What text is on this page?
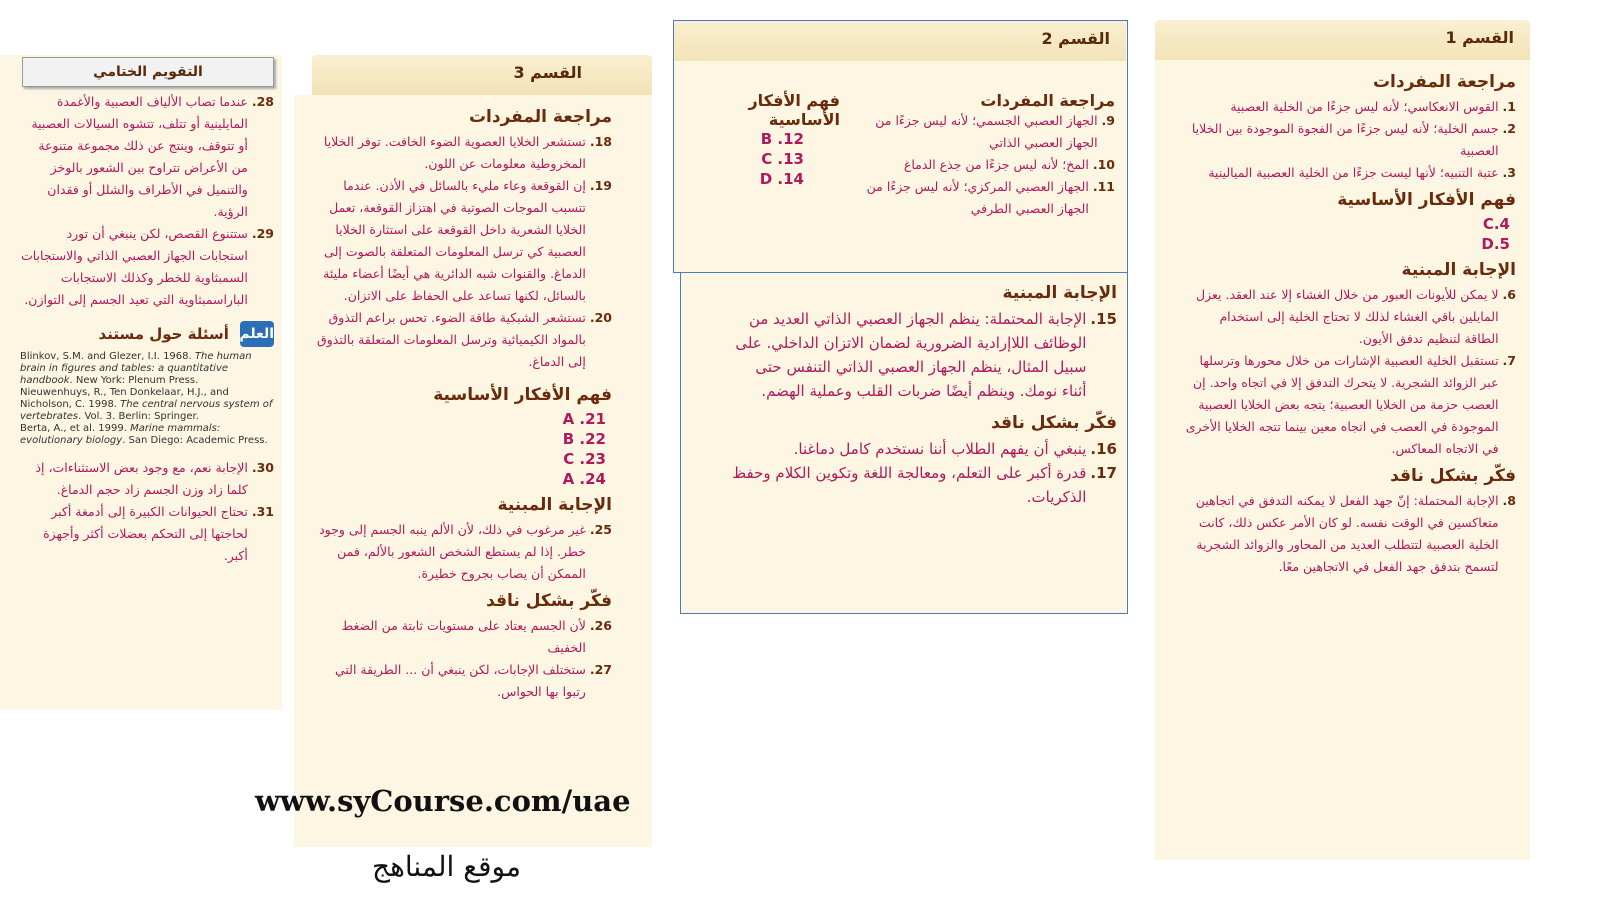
القسم 1
مراجعة المفردات
1.
القوس الانعكاسي؛ لأنه ليس جزءًا من الخلية العصبية
2.
جسم الخلية؛ لأنه ليس جزءًا من الفجوة الموجودة بين الخلايا العصبية
3.
عتبة التنبيه؛ لأنها ليست جزءًا من الخلية العصبية الميالينية
فهم الأفكار الأساسية
C.4
D.5
الإجابة المبنية
6.
لا يمكن للأيونات العبور من خلال الغشاء إلا عند العقد. يعزل المايلين باقي الغشاء لذلك لا تحتاج الخلية إلى استخدام الطاقة لتنظيم تدفق الأيون.
7.
تستقبل الخلية العصبية الإشارات من خلال محورها وترسلها عبر الزوائد الشجرية. لا يتحرك التدفق إلا في اتجاه واحد. إن العصب حزمة من الخلايا العصبية؛ يتجه بعض الخلايا العصبية الموجودة في العصب في اتجاه معين بينما تتجه الخلايا الأخرى في الاتجاه المعاكس.
فكّر بشكل ناقد
8.
الإجابة المحتملة: إنّ جهد الفعل لا يمكنه التدفق في اتجاهين متعاكسين في الوقت نفسه. لو كان الأمر عكس ذلك، كانت الخلية العصبية لتتطلب العديد من المحاور والزوائد الشجرية لتسمح بتدفق جهد الفعل في الاتجاهين معًا.
القسم 2
مراجعة المفردات
9.
الجهاز العصبي الجسمي؛ لأنه ليس جزءًا من الجهاز العصبي الذاتي
10.
المخ؛ لأنه ليس جزءًا من جذع الدماغ
11.
الجهاز العصبي المركزي؛ لأنه ليس جزءًا من الجهاز العصبي الطرفي
فهم الأفكار الأساسية
B .12
C .13
D .14
الإجابة المبنية
15.
الإجابة المحتملة: ينظم الجهاز العصبي الذاتي العديد من الوظائف اللاإرادية الضرورية لضمان الاتزان الداخلي. على سبيل المثال، ينظم الجهاز العصبي الذاتي التنفس حتى أثناء نومك. وينظم أيضًا ضربات القلب وعملية الهضم.
فكّر بشكل ناقد
16.
ينبغي أن يفهم الطلاب أننا نستخدم كامل دماغنا.
17.
قدرة أكبر على التعلم، ومعالجة اللغة وتكوين الكلام وحفظ الذكريات.
القسم 3
مراجعة المفردات
18.
تستشعر الخلايا العصوية الضوء الخافت. توفر الخلايا المخروطية معلومات عن اللون.
19.
إن القوقعة وعاء مليء بالسائل في الأذن. عندما تتسبب الموجات الصوتية في اهتزاز القوقعة، تعمل الخلايا الشعرية داخل القوقعة على استثارة الخلايا العصبية كي ترسل المعلومات المتعلقة بالصوت إلى الدماغ. والقنوات شبه الدائرية هي أيضًا أعضاء مليئة بالسائل، لكنها تساعد على الحفاظ على الاتزان.
20.
تستشعر الشبكية طاقة الضوء. تحس براعم التذوق بالمواد الكيميائية وترسل المعلومات المتعلقة بالتذوق إلى الدماغ.
فهم الأفكار الأساسية
A .21
B .22
C .23
A .24
الإجابة المبنية
25.
غير مرغوب في ذلك، لأن الألم ينبه الجسم إلى وجود خطر. إذا لم يستطع الشخص الشعور بالألم، فمن الممكن أن يصاب بجروح خطيرة.
فكّر بشكل ناقد
26.
لأن الجسم يعتاد على مستويات ثابتة من الضغط الخفيف
27.
ستختلف الإجابات، لكن ينبغي أن ... الطريقة التي رتبوا بها الحواس.
28.
عندما تصاب الألياف العصبية والأغمدة المايلينية أو تتلف، تتشوه السيالات العصبية أو تتوقف، وينتج عن ذلك مجموعة متنوعة من الأعراض تتراوح بين الشعور بالوخز والتنميل في الأطراف والشلل أو فقدان الرؤية.
29.
ستتنوع القصص، لكن ينبغي أن تورد استجابات الجهاز العصبي الذاتي والاستجابات السمبثاوية للخطر وكذلك الاستجابات الباراسمبثاوية التي تعيد الجسم إلى التوازن.
العلم أسئلة حول مستند
Blinkov, S.M. and Glezer, I.I. 1968. The human brain in figures and tables: a quantitative handbook. New York: Plenum Press.
Nieuwenhuys, R., Ten Donkelaar, H.J., and Nicholson, C. 1998. The central nervous system of vertebrates. Vol. 3. Berlin: Springer.
Berta, A., et al. 1999. Marine mammals: evolutionary biology. San Diego: Academic Press.
30.
الإجابة نعم، مع وجود بعض الاستثناءات، إذ كلما زاد وزن الجسم زاد حجم الدماغ.
31.
تحتاج الحيوانات الكبيرة إلى أدمغة أكبر لحاجتها إلى التحكم بعضلات أكثر وأجهزة أكبر.
التقويم الختامي
www.syCourse.com/uae
موقع المناهج
